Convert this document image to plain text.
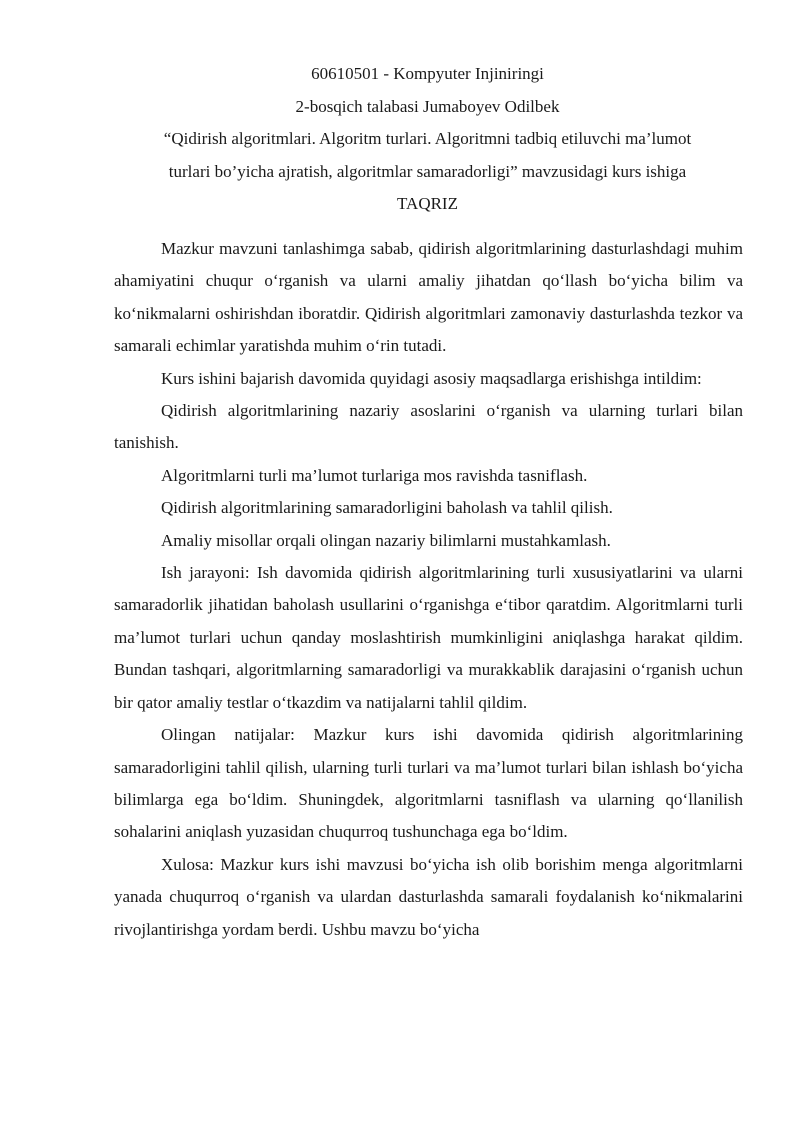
60610501 - Kompyuter Injiniringi
2-bosqich talabasi Jumaboyev Odilbek
“Qidirish algoritmlari. Algoritm turlari. Algoritmni tadbiq etiluvchi ma’lumot
turlari bo’yicha ajratish, algoritmlar samaradorligi” mavzusidagi kurs ishiga
TAQRIZ

Mazkur mavzuni tanlashimga sabab, qidirish algoritmlarining dasturlashdagi muhim ahamiyatini chuqur o‘rganish va ularni amaliy jihatdan qo‘llash bo‘yicha bilim va ko‘nikmalarni oshirishdan iboratdir. Qidirish algoritmlari zamonaviy dasturlashda tezkor va samarali echimlar yaratishda muhim o‘rin tutadi.

Kurs ishini bajarish davomida quyidagi asosiy maqsadlarga erishishga intildim:

Qidirish algoritmlarining nazariy asoslarini o‘rganish va ularning turlari bilan tanishish.

Algoritmlarni turli ma’lumot turlariga mos ravishda tasniflash.

Qidirish algoritmlarining samaradorligini baholash va tahlil qilish.

Amaliy misollar orqali olingan nazariy bilimlarni mustahkamlash.

Ish jarayoni: Ish davomida qidirish algoritmlarining turli xususiyatlarini va ularni samaradorlik jihatidan baholash usullarini o‘rganishga e‘tibor qaratdim. Algoritmlarni turli ma’lumot turlari uchun qanday moslashtirish mumkinligini aniqlashga harakat qildim. Bundan tashqari, algoritmlarning samaradorligi va murakkablik darajasini o‘rganish uchun bir qator amaliy testlar o‘tkazdim va natijalarni tahlil qildim.

Olingan natijalar: Mazkur kurs ishi davomida qidirish algoritmlarining samaradorligini tahlil qilish, ularning turli turlari va ma’lumot turlari bilan ishlash bo‘yicha bilimlarga ega bo‘ldim. Shuningdek, algoritmlarni tasniflash va ularning qo‘llanilish sohalarini aniqlash yuzasidan chuqurroq tushunchaga ega bo‘ldim.

Xulosa: Mazkur kurs ishi mavzusi bo‘yicha ish olib borishim menga algoritmlarni yanada chuqurroq o‘rganish va ulardan dasturlashda samarali foydalanish ko‘nikmalarini rivojlantirishga yordam berdi. Ushbu mavzu bo‘yicha
